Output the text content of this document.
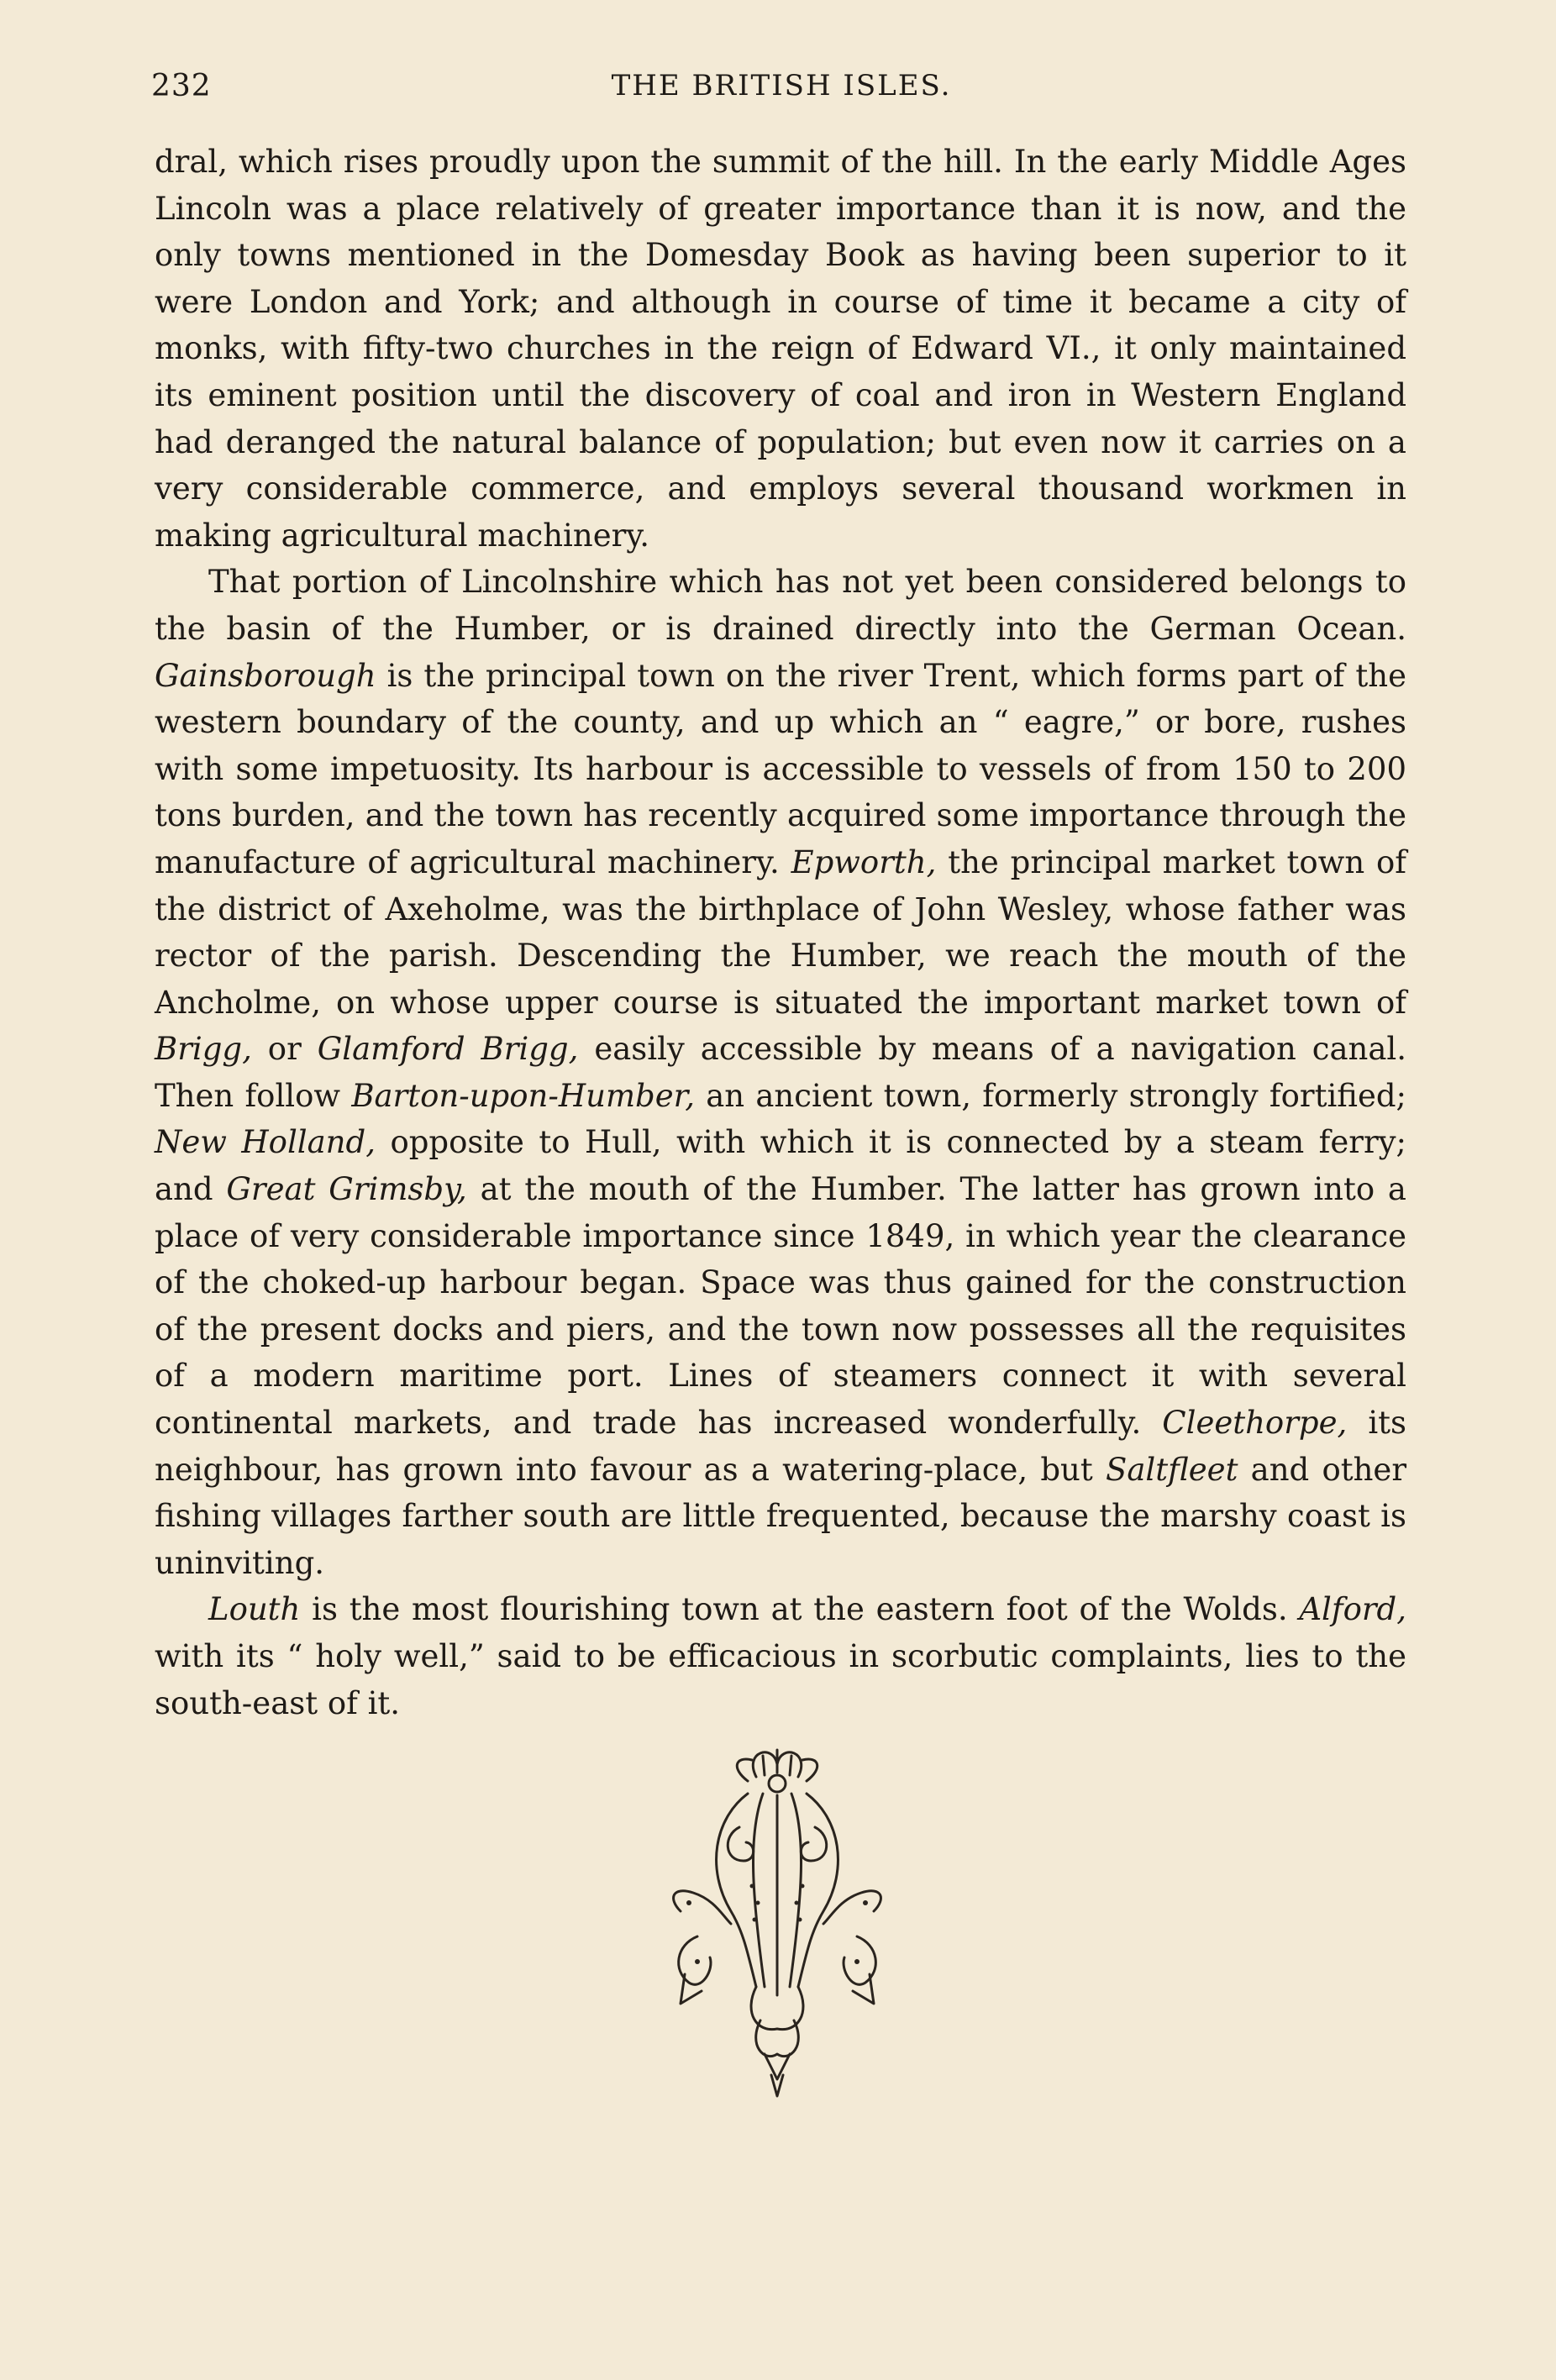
232	THE BRITISH ISLES.

dral, which rises proudly upon the summit of the hill. In the early Middle Ages Lincoln was a place relatively of greater importance than it is now, and the only towns mentioned in the Domesday Book as having been superior to it were London and York; and although in course of time it became a city of monks, with fifty-two churches in the reign of Edward VI., it only maintained its eminent position until the discovery of coal and iron in Western England had deranged the natural balance of population; but even now it carries on a very considerable commerce, and employs several thousand workmen in making agricultural machinery.

That portion of Lincolnshire which has not yet been considered belongs to the basin of the Humber, or is drained directly into the German Ocean. Gainsborough is the principal town on the river Trent, which forms part of the western boundary of the county, and up which an “ eagre,” or bore, rushes with some impetuosity. Its harbour is accessible to vessels of from 150 to 200 tons burden, and the town has recently acquired some importance through the manufacture of agricultural machinery. Epworth, the principal market town of the district of Axeholme, was the birthplace of John Wesley, whose father was rector of the parish. Descending the Humber, we reach the mouth of the Ancholme, on whose upper course is situated the important market town of Brigg, or Glamford Brigg, easily accessible by means of a navigation canal. Then follow Barton-upon-Humber, an ancient town, formerly strongly fortified; New Holland, opposite to Hull, with which it is connected by a steam ferry; and Great Grimsby, at the mouth of the Humber. The latter has grown into a place of very considerable importance since 1849, in which year the clearance of the choked-up harbour began. Space was thus gained for the construction of the present docks and piers, and the town now possesses all the requisites of a modern maritime port. Lines of steamers connect it with several continental markets, and trade has increased wonderfully. Cleethorpe, its neighbour, has grown into favour as a watering-place, but Saltfleet and other fishing villages farther south are little frequented, because the marshy coast is uninviting.

Louth is the most flourishing town at the eastern foot of the Wolds. Alford, with its “ holy well,” said to be efficacious in scorbutic complaints, lies to the south-east of it.
